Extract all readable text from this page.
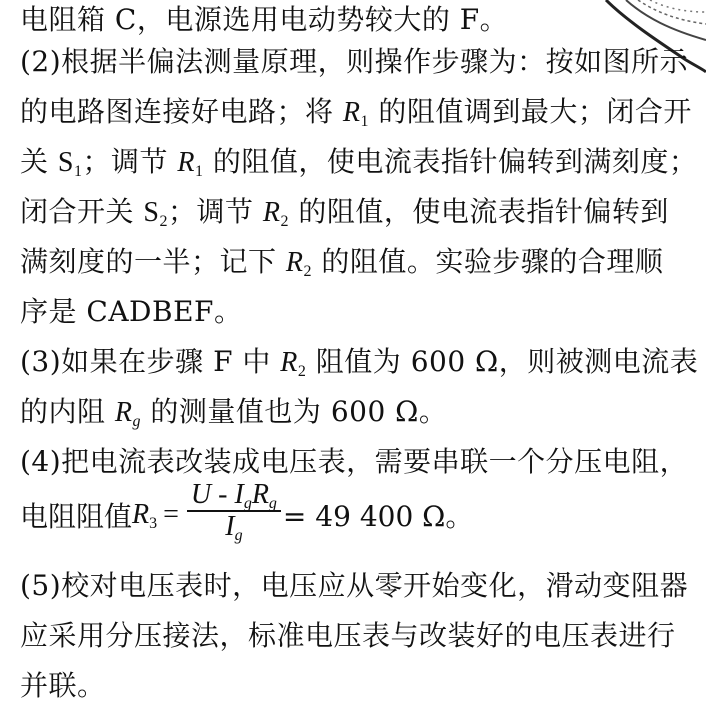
电阻箱 C，电源选用电动势较大的 F。
(2)根据半偏法测量原理，则操作步骤为：按如图所示
的电路图连接好电路；将 $R_1$ 的阻值调到最大；闭合开
关 $S_1$；调节 $R_1$ 的阻值，使电流表指针偏转到满刻度；
闭合开关 $S_2$；调节 $R_2$ 的阻值，使电流表指针偏转到
满刻度的一半；记下 $R_2$ 的阻值。实验步骤的合理顺
序是 CADBEF。
(3)如果在步骤 F 中 $R_2$ 阻值为 600 Ω，则被测电流表
的内阻 $R_g$ 的测量值也为 600 Ω。
(4)把电流表改装成电压表，需要串联一个分压电阻，
电阻阻值 $R_3 = \frac{U - I_gR_g}{I_g} = 49$ 400 Ω。
(5)校对电压表时，电压应从零开始变化，滑动变阻器
应采用分压接法，标准电压表与改装好的电压表进行
并联。
